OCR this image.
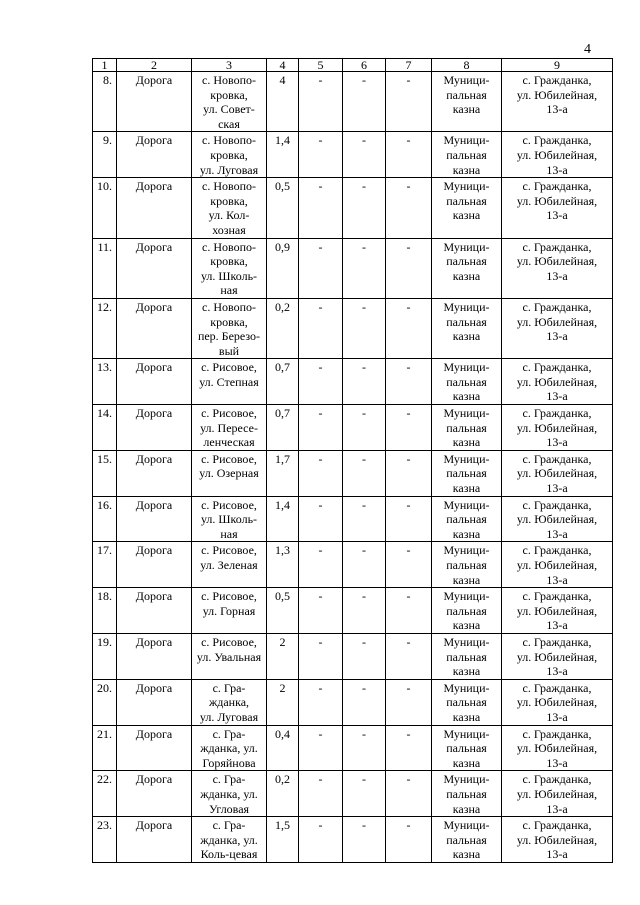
4
1	2	3	4	5	6	7	8	9
8.	Дорога	с. Новопо-
кровка,
ул. Совет-
ская	4	-	-	-	Муници-
пальная
казна	с. Гражданка,
ул. Юбилейная,
13-а
9.	Дорога	с. Новопо-
кровка,
ул. Луговая	1,4	-	-	-	Муници-
пальная
казна	с. Гражданка,
ул. Юбилейная,
13-а
10.	Дорога	с. Новопо-
кровка,
ул. Кол-
хозная	0,5	-	-	-	Муници-
пальная
казна	с. Гражданка,
ул. Юбилейная,
13-а
11.	Дорога	с. Новопо-
кровка,
ул. Школь-
ная	0,9	-	-	-	Муници-
пальная
казна	с. Гражданка,
ул. Юбилейная,
13-а
12.	Дорога	с. Новопо-
кровка,
пер. Березо-
вый	0,2	-	-	-	Муници-
пальная
казна	с. Гражданка,
ул. Юбилейная,
13-а
13.	Дорога	с. Рисовое,
ул. Степная	0,7	-	-	-	Муници-
пальная
казна	с. Гражданка,
ул. Юбилейная,
13-а
14.	Дорога	с. Рисовое,
ул. Пересе-
ленческая	0,7	-	-	-	Муници-
пальная
казна	с. Гражданка,
ул. Юбилейная,
13-а
15.	Дорога	с. Рисовое,
ул. Озерная	1,7	-	-	-	Муници-
пальная
казна	с. Гражданка,
ул. Юбилейная,
13-а
16.	Дорога	с. Рисовое,
ул. Школь-
ная	1,4	-	-	-	Муници-
пальная
казна	с. Гражданка,
ул. Юбилейная,
13-а
17.	Дорога	с. Рисовое,
ул. Зеленая	1,3	-	-	-	Муници-
пальная
казна	с. Гражданка,
ул. Юбилейная,
13-а
18.	Дорога	с. Рисовое,
ул. Горная	0,5	-	-	-	Муници-
пальная
казна	с. Гражданка,
ул. Юбилейная,
13-а
19.	Дорога	с. Рисовое,
ул. Увальная	2	-	-	-	Муници-
пальная
казна	с. Гражданка,
ул. Юбилейная,
13-а
20.	Дорога	с. Гра-
жданка,
ул. Луговая	2	-	-	-	Муници-
пальная
казна	с. Гражданка,
ул. Юбилейная,
13-а
21.	Дорога	с. Гра-
жданка, ул.
Горяйнова	0,4	-	-	-	Муници-
пальная
казна	с. Гражданка,
ул. Юбилейная,
13-а
22.	Дорога	с. Гра-
жданка, ул.
Угловая	0,2	-	-	-	Муници-
пальная
казна	с. Гражданка,
ул. Юбилейная,
13-а
23.	Дорога	с. Гра-
жданка, ул.
Коль-цевая	1,5	-	-	-	Муници-
пальная
казна	с. Гражданка,
ул. Юбилейная,
13-а
